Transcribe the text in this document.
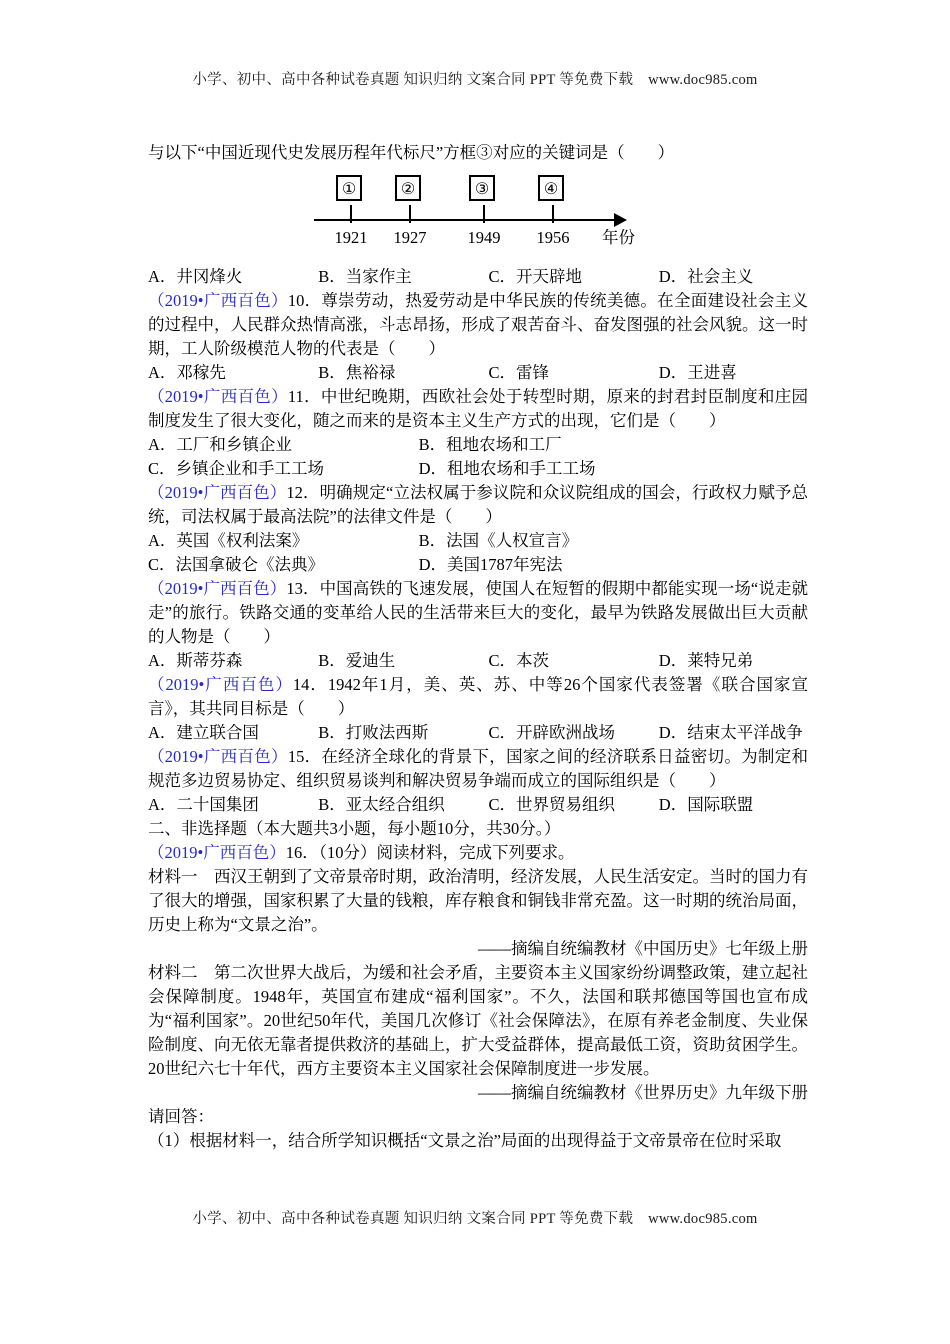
小学、初中、高中各种试卷真题 知识归纳 文案合同 PPT 等免费下载　www.doc985.com

与以下“中国近现代史发展历程年代标尺”方框③对应的关键词是（　　）

①
1921
②
1927
③
1949
④
1956 年份
A．井冈烽火	B．当家作主	C．开天辟地	D．社会主义

（2019•广西百色）10．尊崇劳动，热爱劳动是中华民族的传统美德。在全面建设社会主义的过程中，人民群众热情高涨，斗志昂扬，形成了艰苦奋斗、奋发图强的社会风貌。这一时期，工人阶级模范人物的代表是（　　）

A．邓稼先	B．焦裕禄	C．雷锋	D．王进喜

（2019•广西百色）11．中世纪晚期，西欧社会处于转型时期，原来的封君封臣制度和庄园制度发生了很大变化，随之而来的是资本主义生产方式的出现，它们是（　　）

A．工厂和乡镇企业	B．租地农场和工厂
C．乡镇企业和手工工场	D．租地农场和手工工场

（2019•广西百色）12．明确规定“立法权属于参议院和众议院组成的国会，行政权力赋予总统，司法权属于最高法院”的法律文件是（　　）

A．英国《权利法案》	B．法国《人权宣言》
C．法国拿破仑《法典》	D．美国1787年宪法

（2019•广西百色）13．中国高铁的飞速发展，使国人在短暂的假期中都能实现一场“说走就走”的旅行。铁路交通的变革给人民的生活带来巨大的变化，最早为铁路发展做出巨大贡献的人物是（　　）

A．斯蒂芬森	B．爱迪生	C．本茨	D．莱特兄弟

（2019•广西百色）14．1942年1月，美、英、苏、中等26个国家代表签署《联合国家宣言》，其共同目标是（　　）

A．建立联合国	B．打败法西斯	C．开辟欧洲战场	D．结束太平洋战争

（2019•广西百色）15．在经济全球化的背景下，国家之间的经济联系日益密切。为制定和规范多边贸易协定、组织贸易谈判和解决贸易争端而成立的国际组织是（　　）

A．二十国集团	B．亚太经合组织	C．世界贸易组织	D．国际联盟

二、非选择题（本大题共3小题，每小题10分，共30分。）

（2019•广西百色）16．（10分）阅读材料，完成下列要求。

材料一　西汉王朝到了文帝景帝时期，政治清明，经济发展，人民生活安定。当时的国力有了很大的增强，国家积累了大量的钱粮，库存粮食和铜钱非常充盈。这一时期的统治局面，历史上称为“文景之治”。

——摘编自统编教材《中国历史》七年级上册

材料二　第二次世界大战后，为缓和社会矛盾，主要资本主义国家纷纷调整政策，建立起社会保障制度。1948年，英国宣布建成“福利国家”。不久，法国和联邦德国等国也宣布成为“福利国家”。20世纪50年代，美国几次修订《社会保障法》，在原有养老金制度、失业保险制度、向无依无靠者提供救济的基础上，扩大受益群体，提高最低工资，资助贫困学生。20世纪六七十年代，西方主要资本主义国家社会保障制度进一步发展。

——摘编自统编教材《世界历史》九年级下册

请回答：

（1）根据材料一，结合所学知识概括“文景之治”局面的出现得益于文帝景帝在位时采取

小学、初中、高中各种试卷真题 知识归纳 文案合同 PPT 等免费下载　www.doc985.com
